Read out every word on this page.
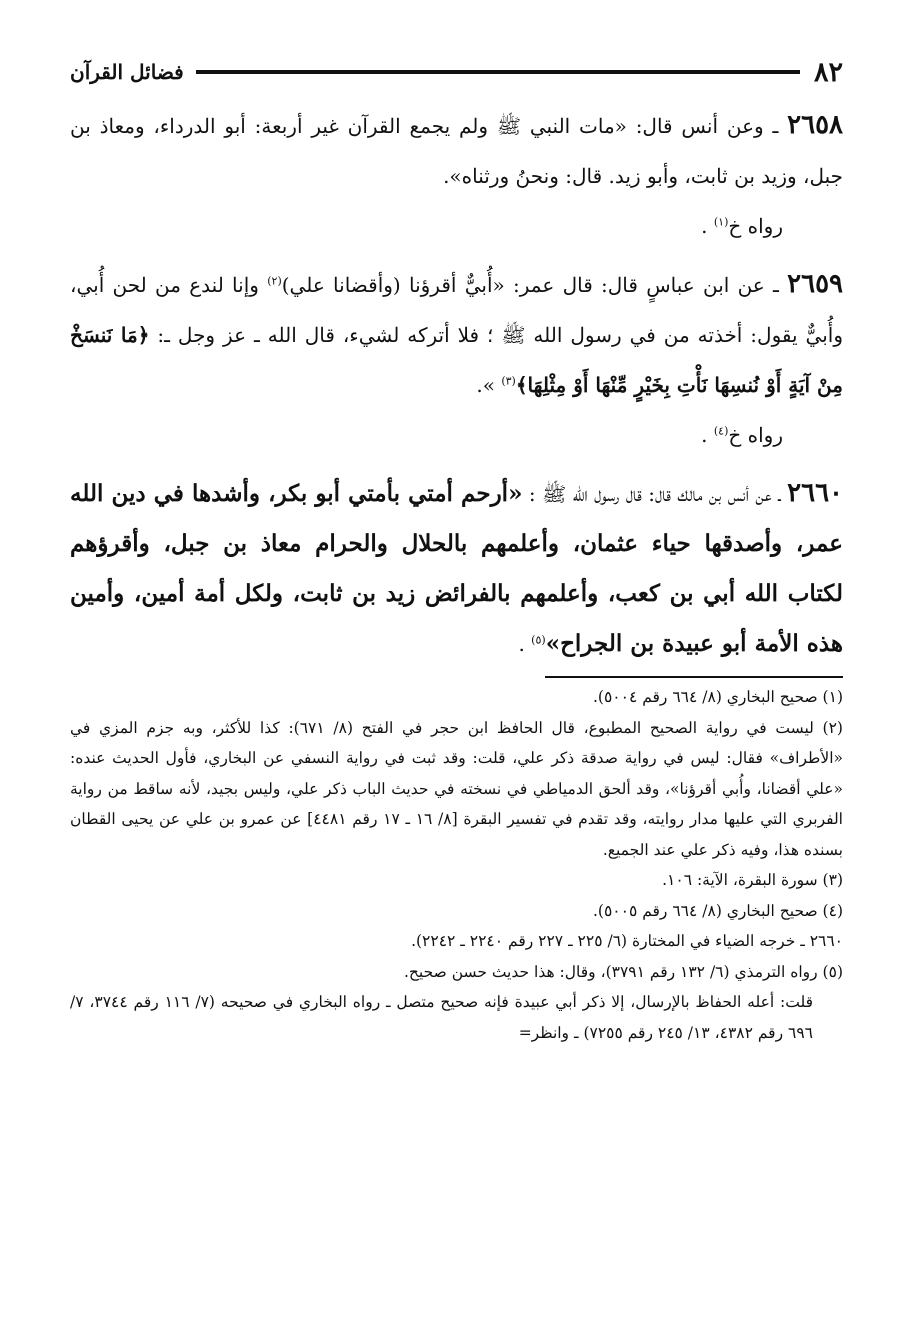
٨٢
فضائل القرآن

٢٦٥٨ ـ وعن أنس قال: «مات النبي ﷺ ولم يجمع القرآن غير أربعة: أبو الدرداء، ومعاذ بن جبل، وزيد بن ثابت، وأبو زيد. قال: ونحنُ ورثناه».
رواه خ$^{(١)}$ .

٢٦٥٩ ـ عن ابن عباسٍ قال: قال عمر: «أُبيٌّ أقرؤنا (وأقضانا علي)$^{(٢)}$ وإنا لندع من لحن أُبي، وأُبيٌّ يقول: أخذته من في رسول الله ﷺ ؛ فلا أتركه لشيء، قال الله ـ عز وجل ـ: ﴿مَا نَنسَخْ مِنْ آيَةٍ أَوْ نُنسِهَا نَأْتِ بِخَيْرٍ مِّنْهَا أَوْ مِثْلِهَا﴾$^{(٣)}$ ».
رواه خ$^{(٤)}$ .

٢٦٦٠ ـ عن أنس بن مالك قال: قال رسول الله ﷺ : «أرحم أمتي بأمتي أبو بكر، وأشدها في دين الله عمر، وأصدقها حياء عثمان، وأعلمهم بالحلال والحرام معاذ بن جبل، وأقرؤهم لكتاب الله أبي بن كعب، وأعلمهم بالفرائض زيد بن ثابت، ولكل أمة أمين، وأمين هذه الأمة أبو عبيدة بن الجراح»$^{(٥)}$ .

(١) صحيح البخاري (٨/ ٦٦٤ رقم ٥٠٠٤).

(٢) ليست في رواية الصحيح المطبوع، قال الحافظ ابن حجر في الفتح (٨/ ٦٧١): كذا للأكثر، وبه جزم المزي في «الأطراف» فقال: ليس في رواية صدقة ذكر علي، قلت: وقد ثبت في رواية النسفي عن البخاري، فأول الحديث عنده: «علي أقضانا، وأُبي أقرؤنا»، وقد ألحق الدمياطي في نسخته في حديث الباب ذكر علي، وليس بجيد، لأنه ساقط من رواية الفربري التي عليها مدار روايته، وقد تقدم في تفسير البقرة [٨/ ١٦ ـ ١٧ رقم ٤٤٨١] عن عمرو بن علي عن يحيى القطان بسنده هذا، وفيه ذكر علي عند الجميع.

(٣) سورة البقرة، الآية: ١٠٦.

(٤) صحيح البخاري (٨/ ٦٦٤ رقم ٥٠٠٥).

٢٦٦٠ ـ خرجه الضياء في المختارة (٦/ ٢٢٥ ـ ٢٢٧ رقم ٢٢٤٠ ـ ٢٢٤٢).

(٥) رواه الترمذي (٦/ ١٣٢ رقم ٣٧٩١)، وقال: هذا حديث حسن صحيح.

قلت: أعله الحفاظ بالإرسال، إلا ذكر أبي عبيدة فإنه صحيح متصل ـ رواه البخاري في صحيحه (٧/ ١١٦ رقم ٣٧٤٤، ٧/ ٦٩٦ رقم ٤٣٨٢، ١٣/ ٢٤٥ رقم ٧٢٥٥) ـ وانظر=
